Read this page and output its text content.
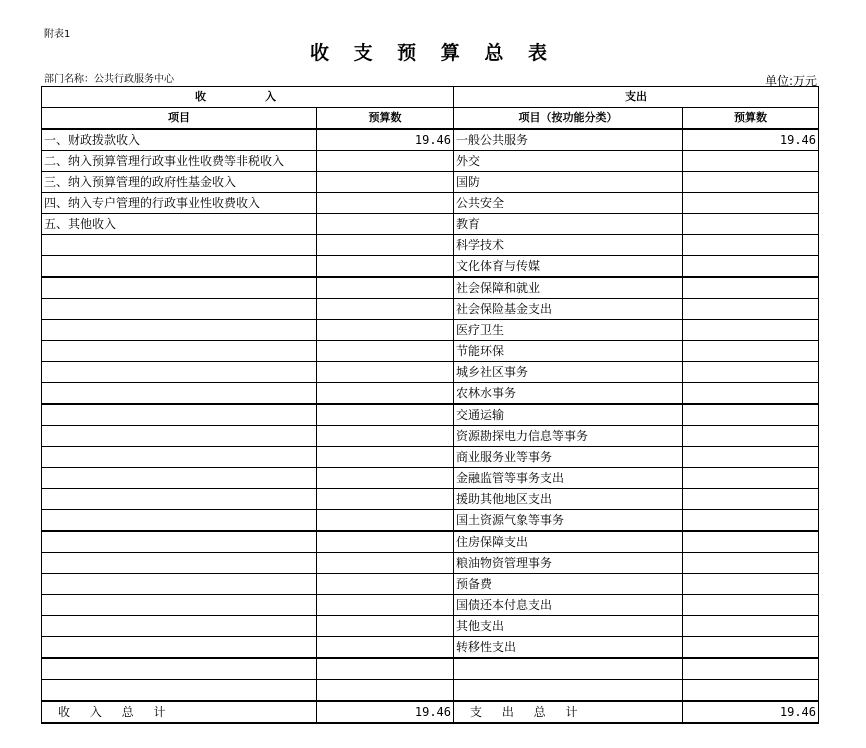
附表1
收 支 预 算 总 表
部门名称：公共行政服务中心	单位:万元
收　入		支出	
项目	预算数	项目（按功能分类）	预算数
一、财政拨款收入	19.46	一般公共服务	19.46
二、纳入预算管理行政事业性收费等非税收入		外交	
三、纳入预算管理的政府性基金收入		国防	
四、纳入专户管理的行政事业性收费收入		公共安全	
五、其他收入		教育	
		科学技术	
		文化体育与传媒	
		社会保障和就业	
		社会保险基金支出	
		医疗卫生	
		节能环保	
		城乡社区事务	
		农林水事务	
		交通运输	
		资源勘探电力信息等事务	
		商业服务业等事务	
		金融监管等事务支出	
		援助其他地区支出	
		国土资源气象等事务	
		住房保障支出	
		粮油物资管理事务	
		预备费	
		国债还本付息支出	
		其他支出	
		转移性支出	

收 入 总 计	19.46	支 出 总 计	19.46
